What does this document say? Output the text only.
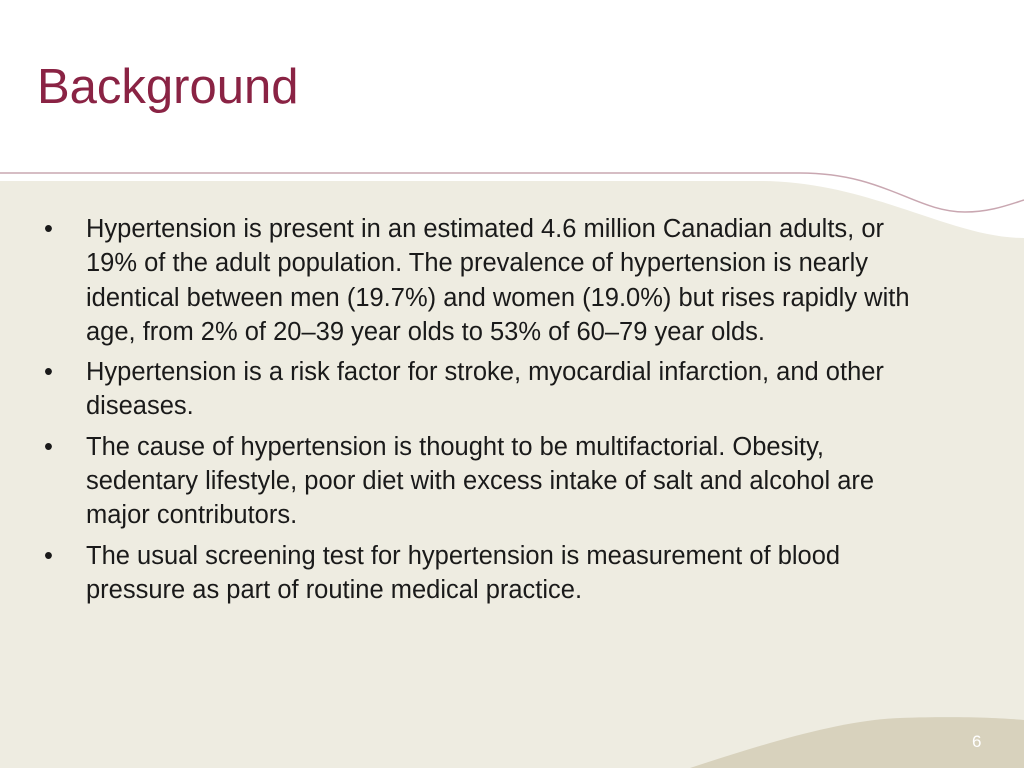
Background
•	Hypertension is present in an estimated 4.6 million Canadian adults, or 19% of the adult population. The prevalence of hypertension is nearly identical between men (19.7%) and women (19.0%) but rises rapidly with age, from 2% of 20–39 year olds to 53% of 60–79 year olds.
•	Hypertension is a risk factor for stroke, myocardial infarction, and other diseases.
•	The cause of hypertension is thought to be multifactorial. Obesity, sedentary lifestyle, poor diet with excess intake of salt and alcohol are major contributors.
•	The usual screening test for hypertension is measurement of blood pressure as part of routine medical practice.
6
